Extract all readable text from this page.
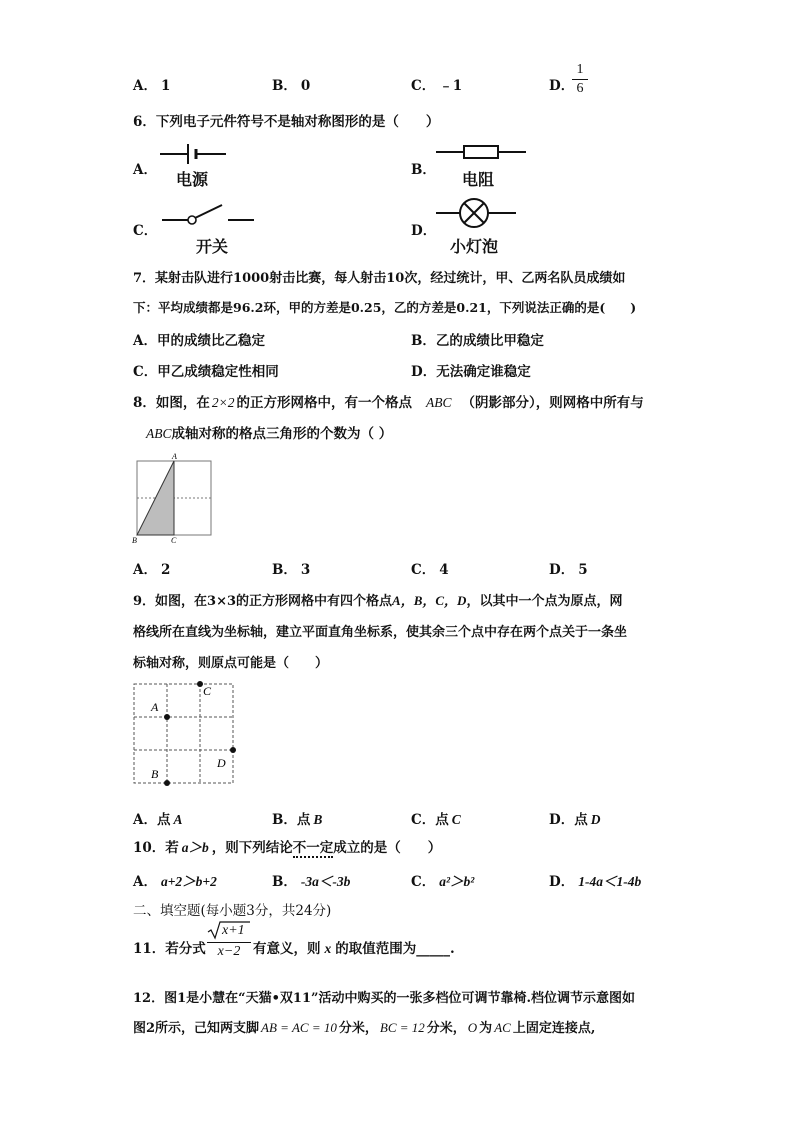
A． 1	B． 0	C． ﹣1	D．
1
6
6．下列电子元件符号不是轴对称图形的是（　　）
A． 电源	B． 电阻
C．
开关
D．
小灯泡
7．某射击队进行1000射击比赛，每人射击10次，经过统计，甲、乙两名队员成绩如
下：平均成绩都是96.2环，甲的方差是0.25，乙的方差是0.21，下列说法正确的是(　　)
A．甲的成绩比乙稳定	B．乙的成绩比甲稳定
C．甲乙成绩稳定性相同	D．无法确定谁稳定
8．如图，在 2×2 的正方形网格中，有一个格点 ABC （阴影部分），则网格中所有与
ABC成轴对称的格点三角形的个数为（ ）
A
B	C
A． 2	B． 3	C． 4	D． 5
9．如图，在3×3的正方形网格中有四个格点A，B，C，D，以其中一个点为原点，网
格线所在直线为坐标轴，建立平面直角坐标系，使其余三个点中存在两个点关于一条坐
标轴对称，则原点可能是（　　）
C
A
D
B
A．点 A	B．点 B	C．点 C	D．点 D
10．若 a＞b ，则下列结论不一定成立的是（　　）
A． a+2＞b+2	B． -3a＜-3b	C． a²＞b²	D． 1-4a＜1-4b
二、填空题(每小题3分，共24分)
11．若分式
x+1
x−2 有意义，则 x 的取值范围为_____.
12．图1是小慧在“天猫•双11”活动中购买的一张多档位可调节靠椅.档位调节示意图如
图2所示，己知两支脚 AB = AC = 10 分米， BC = 12 分米， O 为 AC 上固定连接点,
